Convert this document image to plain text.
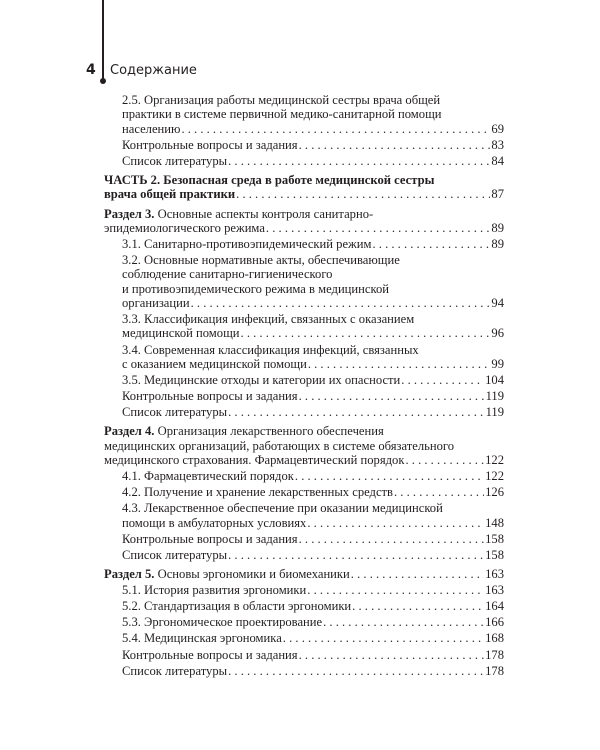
4 Содержание
2.5. Организация работы медицинской сестры врача общей
практики в системе первичной медико-санитарной помощи
населению . . .	69
Контрольные вопросы и задания . . .	83
Список литературы . . .	84
ЧАСТЬ 2. Безопасная среда в работе медицинской сестры
врача общей практики . . .	87
Раздел 3. Основные аспекты контроля санитарно-
эпидемиологического режима . . .	89
3.1. Санитарно-противоэпидемический режим . . .	89
3.2. Основные нормативные акты, обеспечивающие
соблюдение санитарно-гигиенического
и противоэпидемического режима в медицинской
организации . . .	94
3.3. Классификация инфекций, связанных с оказанием
медицинской помощи . . .	96
3.4. Современная классификация инфекций, связанных
с оказанием медицинской помощи . . .	99
3.5. Медицинские отходы и категории их опасности . . .	104
Контрольные вопросы и задания . . .	119
Список литературы . . .	119
Раздел 4. Организация лекарственного обеспечения
медицинских организаций, работающих в системе обязательного
медицинского страхования. Фармацевтический порядок . . .	122
4.1. Фармацевтический порядок . . .	122
4.2. Получение и хранение лекарственных средств . . .	126
4.3. Лекарственное обеспечение при оказании медицинской
помощи в амбулаторных условиях . . .	148
Контрольные вопросы и задания . . .	158
Список литературы . . .	158
Раздел 5. Основы эргономики и биомеханики . . .	163
5.1. История развития эргономики . . .	163
5.2. Стандартизация в области эргономики . . .	164
5.3. Эргономическое проектирование . . .	166
5.4. Медицинская эргономика . . .	168
Контрольные вопросы и задания . . .	178
Список литературы . . .	178
